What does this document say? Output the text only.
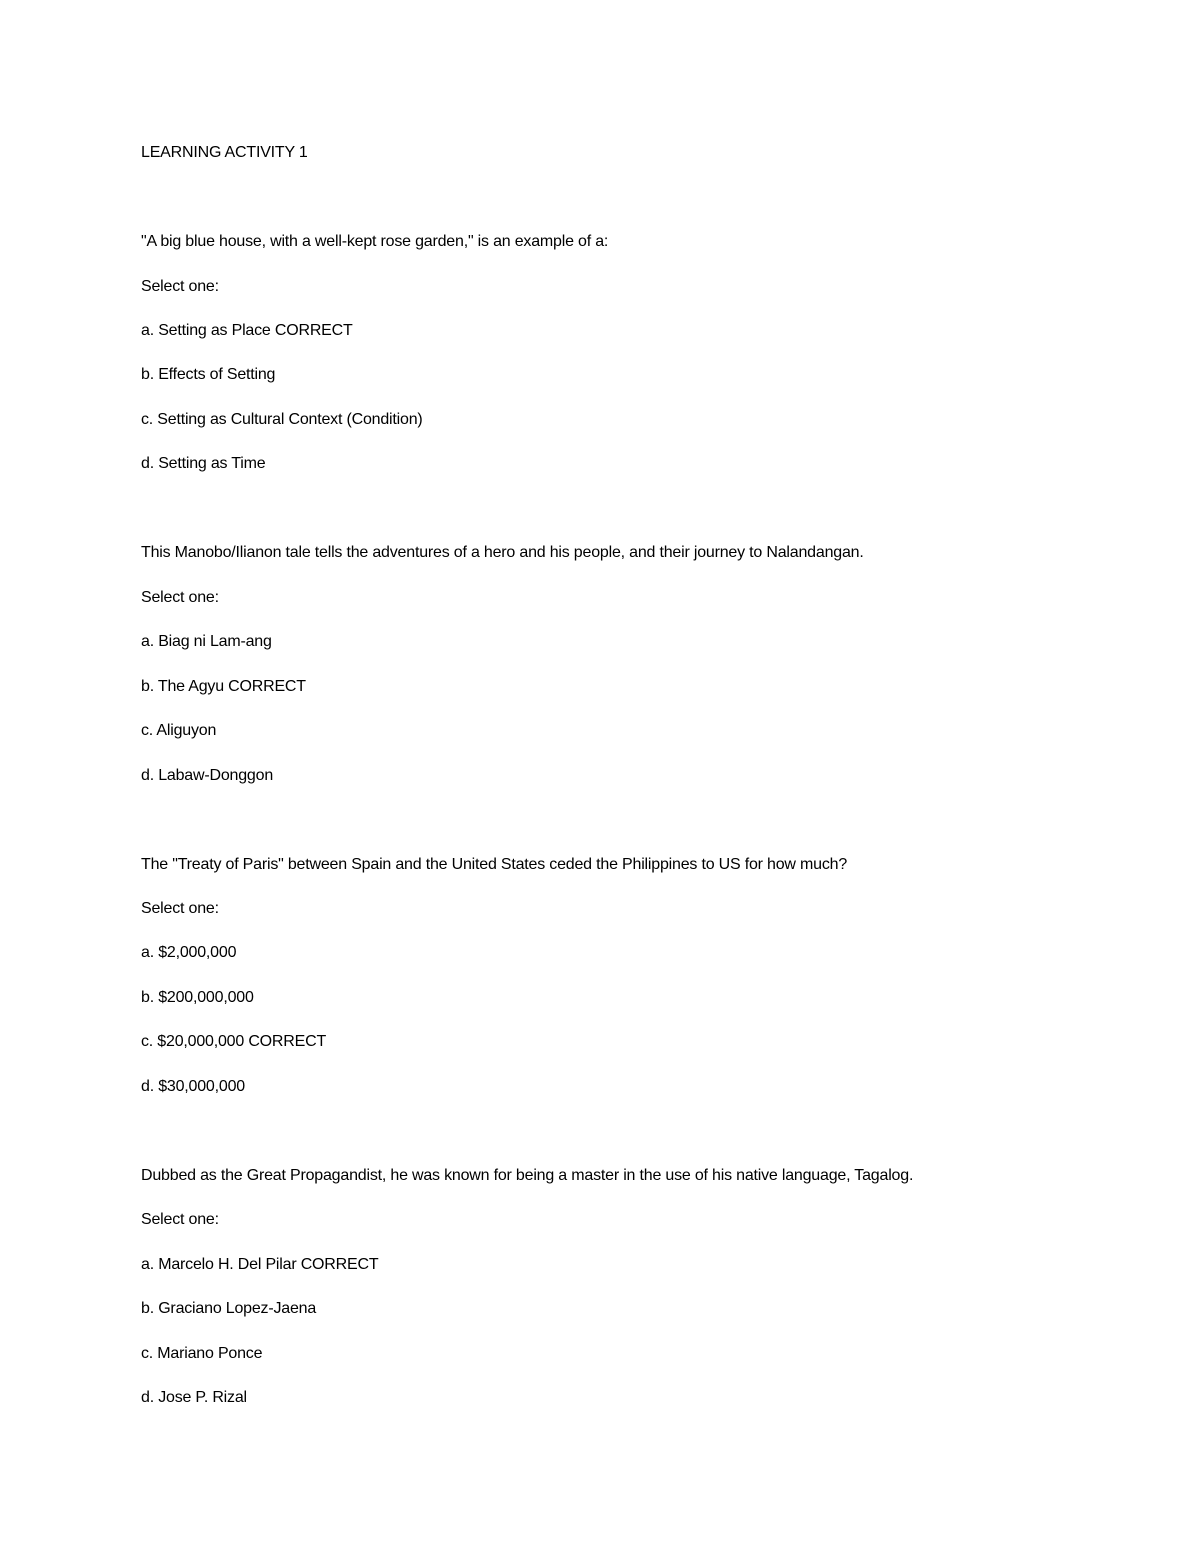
LEARNING ACTIVITY 1
"A big blue house, with a well-kept rose garden," is an example of a:
Select one:
a. Setting as Place CORRECT
b. Effects of Setting
c. Setting as Cultural Context (Condition)
d. Setting as Time
This Manobo/Ilianon tale tells the adventures of a hero and his people, and their journey to Nalandangan.
Select one:
a. Biag ni Lam-ang
b. The Agyu CORRECT
c. Aliguyon
d. Labaw-Donggon
The "Treaty of Paris" between Spain and the United States ceded the Philippines to US for how much?
Select one:
a. $2,000,000
b. $200,000,000
c. $20,000,000 CORRECT
d. $30,000,000
Dubbed as the Great Propagandist, he was known for being a master in the use of his native language, Tagalog.
Select one:
a. Marcelo H. Del Pilar CORRECT
b. Graciano Lopez-Jaena
c. Mariano Ponce
d. Jose P. Rizal
